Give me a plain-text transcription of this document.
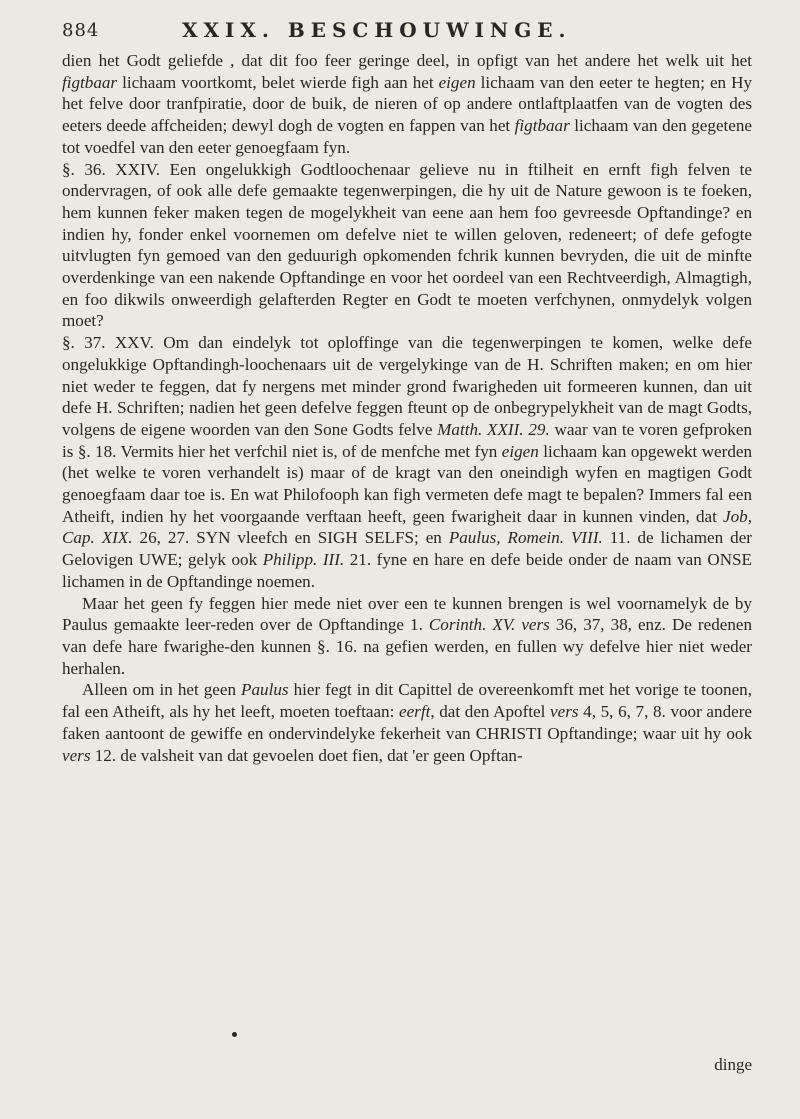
884	XXIX. BESCHOUWINGE.

dien het Godt geliefde , dat dit foo feer geringe deel, in opfigt van het andere het welk uit het figtbaar lichaam voortkomt, belet wierde figh aan het eigen lichaam van den eeter te hegten; en Hy het felve door tranfpiratie, door de buik, de nieren of op andere ontlaftplaatfen van de vogten des eeters deede affcheiden; dewyl dogh de vogten en fappen van het figtbaar lichaam van den gegetene tot voedfel van den eeter genoegfaam fyn.

§. 36. XXIV. Een ongelukkigh Godtloochenaar gelieve nu in ftilheit en ernft figh felven te ondervragen, of ook alle defe gemaakte tegenwerpingen, die hy uit de Nature gewoon is te foeken, hem kunnen feker maken tegen de mogelykheit van eene aan hem foo gevreesde Opftandinge? en indien hy, fonder enkel voornemen om defelve niet te willen geloven, redeneert; of defe gefogte uitvlugten fyn gemoed van den geduurigh opkomenden fchrik kunnen bevryden, die uit de minfte overdenkinge van een nakende Opftandinge en voor het oordeel van een Rechtveerdigh, Almagtigh, en foo dikwils onweerdigh gelafterden Regter en Godt te moeten verfchynen, onmydelyk volgen moet?

§. 37. XXV. Om dan eindelyk tot oploffinge van die tegenwerpingen te komen, welke defe ongelukkige Opftandingh-loochenaars uit de vergelykinge van de H. Schriften maken; en om hier niet weder te feggen, dat fy nergens met minder grond fwarigheden uit formeeren kunnen, dan uit defe H. Schriften; nadien het geen defelve feggen fteunt op de onbegrypelykheit van de magt Godts, volgens de eigene woorden van den Sone Godts felve Matth. XXII. 29. waar van te voren gefproken is §. 18. Vermits hier het verfchil niet is, of de menfche met fyn eigen lichaam kan opgewekt werden (het welke te voren verhandelt is) maar of de kragt van den oneindigh wyfen en magtigen Godt genoegfaam daar toe is. En wat Philofooph kan figh vermeten defe magt te bepalen? Immers fal een Atheift, indien hy het voorgaande verftaan heeft, geen fwarigheit daar in kunnen vinden, dat Job, Cap. XIX. 26, 27. SYN vleefch en SIGH SELFS; en Paulus, Romein. VIII. 11. de lichamen der Gelovigen UWE; gelyk ook Philipp. III. 21. fyne en hare en defe beide onder de naam van ONSE lichamen in de Opftandinge noemen.

Maar het geen fy feggen hier mede niet over een te kunnen brengen is wel voornamelyk de by Paulus gemaakte leer-reden over de Opftandinge 1. Corinth. XV. vers 36, 37, 38, enz. De redenen van defe hare fwarighe-den kunnen §. 16. na gefien werden, en fullen wy defelve hier niet weder herhalen.

Alleen om in het geen Paulus hier fegt in dit Capittel de overeenkomft met het vorige te toonen, fal een Atheift, als hy het leeft, moeten toeftaan: eerft, dat den Apoftel vers 4, 5, 6, 7, 8. voor andere faken aantoont de gewiffe en ondervindelyke fekerheit van CHRISTI Opftandinge; waar uit hy ook vers 12. de valsheit van dat gevoelen doet fien, dat 'er geen Opftan-

dinge
